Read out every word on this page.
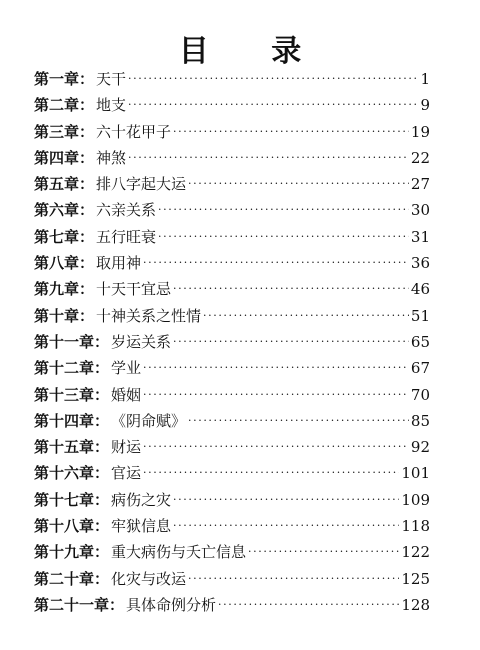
目 录
第一章： 天干 ·····	1
第二章： 地支 ·····	9
第三章： 六十花甲子 ·····	19
第四章： 神煞 ·····	22
第五章： 排八字起大运 ·····	27
第六章： 六亲关系 ·····	30
第七章： 五行旺衰 ·····	31
第八章： 取用神 ·····	36
第九章： 十天干宜忌 ·····	46
第十章： 十神关系之性情 ·····	51
第十一章： 岁运关系 ·····	65
第十二章： 学业 ·····	67
第十三章： 婚姻 ·····	70
第十四章： 《阴命赋》 ·····	85
第十五章： 财运 ·····	92
第十六章： 官运 ·····	101
第十七章： 病伤之灾 ·····	109
第十八章： 牢狱信息 ·····	118
第十九章： 重大病伤与夭亡信息 ·····	122
第二十章： 化灾与改运 ·····	125
第二十一章： 具体命例分析 ·····	128
